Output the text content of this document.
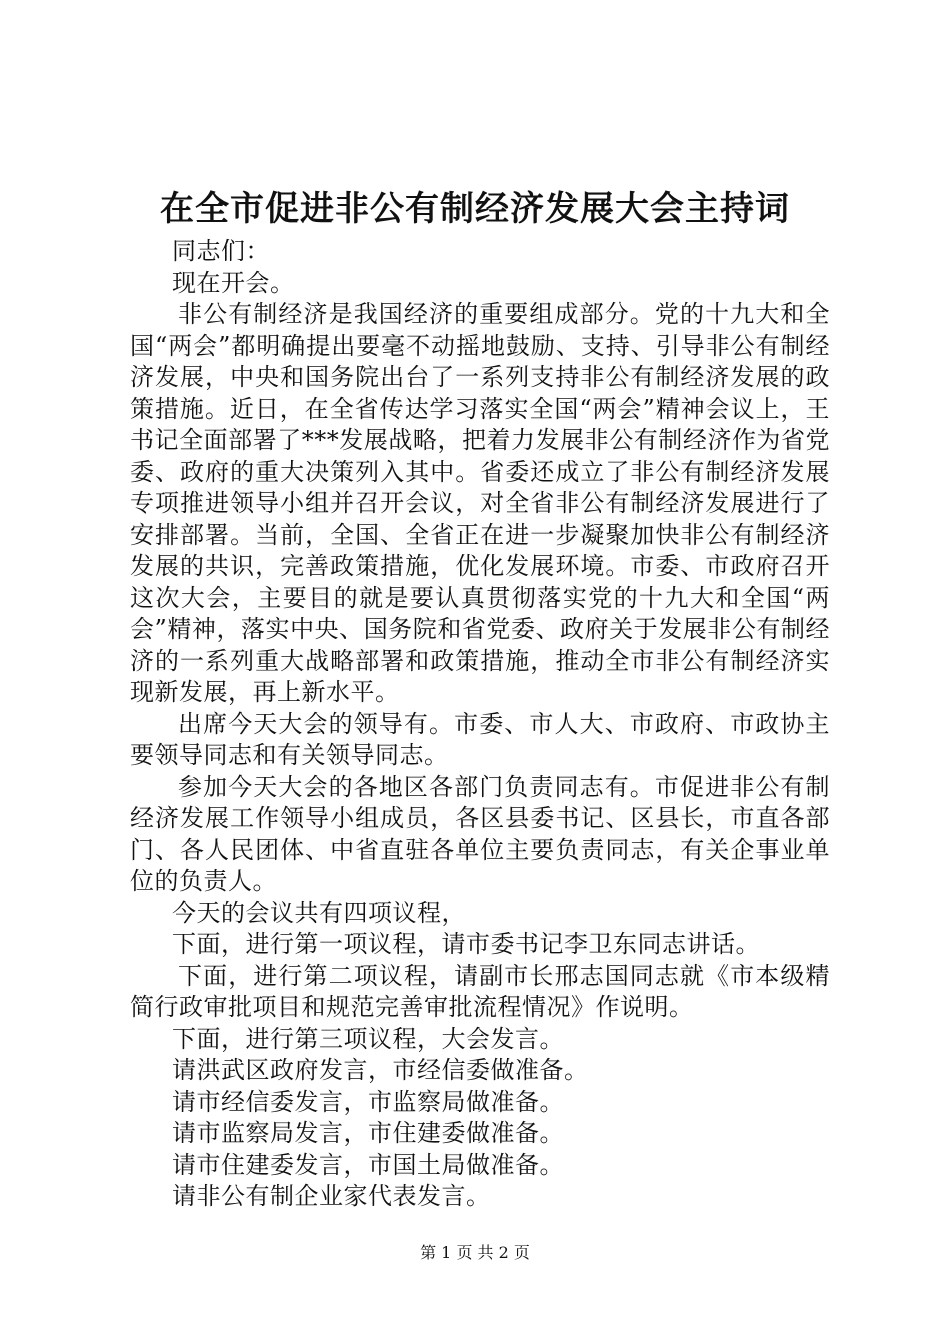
在全市促进非公有制经济发展大会主持词

同志们：

现在开会。

非公有制经济是我国经济的重要组成部分。党的十九大和全国“两会”都明确提出要毫不动摇地鼓励、支持、引导非公有制经济发展，中央和国务院出台了一系列支持非公有制经济发展的政策措施。近日，在全省传达学习落实全国“两会”精神会议上，王书记全面部署了***发展战略，把着力发展非公有制经济作为省党委、政府的重大决策列入其中。省委还成立了非公有制经济发展专项推进领导小组并召开会议，对全省非公有制经济发展进行了安排部署。当前，全国、全省正在进一步凝聚加快非公有制经济发展的共识，完善政策措施，优化发展环境。市委、市政府召开这次大会，主要目的就是要认真贯彻落实党的十九大和全国“两会”精神，落实中央、国务院和省党委、政府关于发展非公有制经济的一系列重大战略部署和政策措施，推动全市非公有制经济实现新发展，再上新水平。

出席今天大会的领导有。市委、市人大、市政府、市政协主要领导同志和有关领导同志。

参加今天大会的各地区各部门负责同志有。市促进非公有制经济发展工作领导小组成员，各区县委书记、区县长，市直各部门、各人民团体、中省直驻各单位主要负责同志，有关企事业单位的负责人。

今天的会议共有四项议程，

下面，进行第一项议程，请市委书记李卫东同志讲话。

下面，进行第二项议程，请副市长邢志国同志就《市本级精简行政审批项目和规范完善审批流程情况》作说明。

下面，进行第三项议程，大会发言。

请洪武区政府发言，市经信委做准备。

请市经信委发言，市监察局做准备。

请市监察局发言，市住建委做准备。

请市住建委发言，市国土局做准备。

请非公有制企业家代表发言。

第 1 页 共 2 页
